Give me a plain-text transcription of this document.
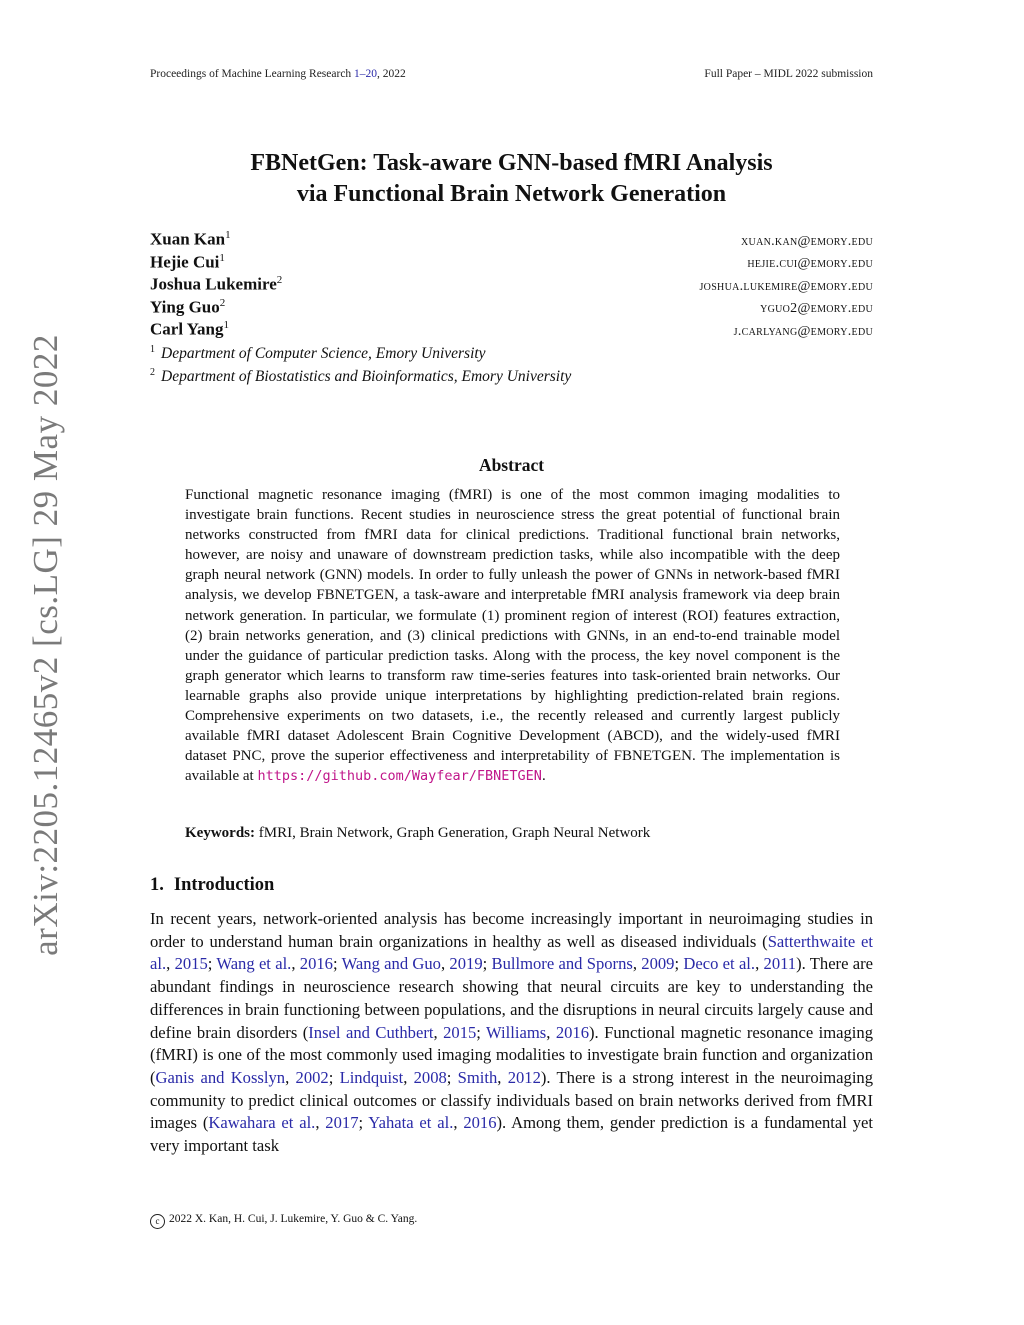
Proceedings of Machine Learning Research 1–20, 2022	Full Paper – MIDL 2022 submission
arXiv:2205.12465v2 [cs.LG] 29 May 2022
FBNetGen: Task-aware GNN-based fMRI Analysis
via Functional Brain Network Generation
Xuan Kan$^1$	xuan.kan@emory.edu
Hejie Cui$^1$	hejie.cui@emory.edu
Joshua Lukemire$^2$	joshua.lukemire@emory.edu
Ying Guo$^2$	yguo2@emory.edu
Carl Yang$^1$	j.carlyang@emory.edu
$^1$ Department of Computer Science, Emory University
$^2$ Department of Biostatistics and Bioinformatics, Emory University
Abstract
Functional magnetic resonance imaging (fMRI) is one of the most common imaging modalities to investigate brain functions. Recent studies in neuroscience stress the great potential of functional brain networks constructed from fMRI data for clinical predictions. Traditional functional brain networks, however, are noisy and unaware of downstream prediction tasks, while also incompatible with the deep graph neural network (GNN) models. In order to fully unleash the power of GNNs in network-based fMRI analysis, we develop FBNETGEN, a task-aware and interpretable fMRI analysis framework via deep brain network generation. In particular, we formulate (1) prominent region of interest (ROI) features extraction, (2) brain networks generation, and (3) clinical predictions with GNNs, in an end-to-end trainable model under the guidance of particular prediction tasks. Along with the process, the key novel component is the graph generator which learns to transform raw time-series features into task-oriented brain networks. Our learnable graphs also provide unique interpretations by highlighting prediction-related brain regions. Comprehensive experiments on two datasets, i.e., the recently released and currently largest publicly available fMRI dataset Adolescent Brain Cognitive Development (ABCD), and the widely-used fMRI dataset PNC, prove the superior effectiveness and interpretability of FBNETGEN. The implementation is available at https://github.com/Wayfear/FBNETGEN.
Keywords: fMRI, Brain Network, Graph Generation, Graph Neural Network
1. Introduction
In recent years, network-oriented analysis has become increasingly important in neuroimaging studies in order to understand human brain organizations in healthy as well as diseased individuals (Satterthwaite et al., 2015; Wang et al., 2016; Wang and Guo, 2019; Bullmore and Sporns, 2009; Deco et al., 2011). There are abundant findings in neuroscience research showing that neural circuits are key to understanding the differences in brain functioning between populations, and the disruptions in neural circuits largely cause and define brain disorders (Insel and Cuthbert, 2015; Williams, 2016). Functional magnetic resonance imaging (fMRI) is one of the most commonly used imaging modalities to investigate brain function and organization (Ganis and Kosslyn, 2002; Lindquist, 2008; Smith, 2012). There is a strong interest in the neuroimaging community to predict clinical outcomes or classify individuals based on brain networks derived from fMRI images (Kawahara et al., 2017; Yahata et al., 2016). Among them, gender prediction is a fundamental yet very important task
c 2022 X. Kan, H. Cui, J. Lukemire, Y. Guo & C. Yang.
